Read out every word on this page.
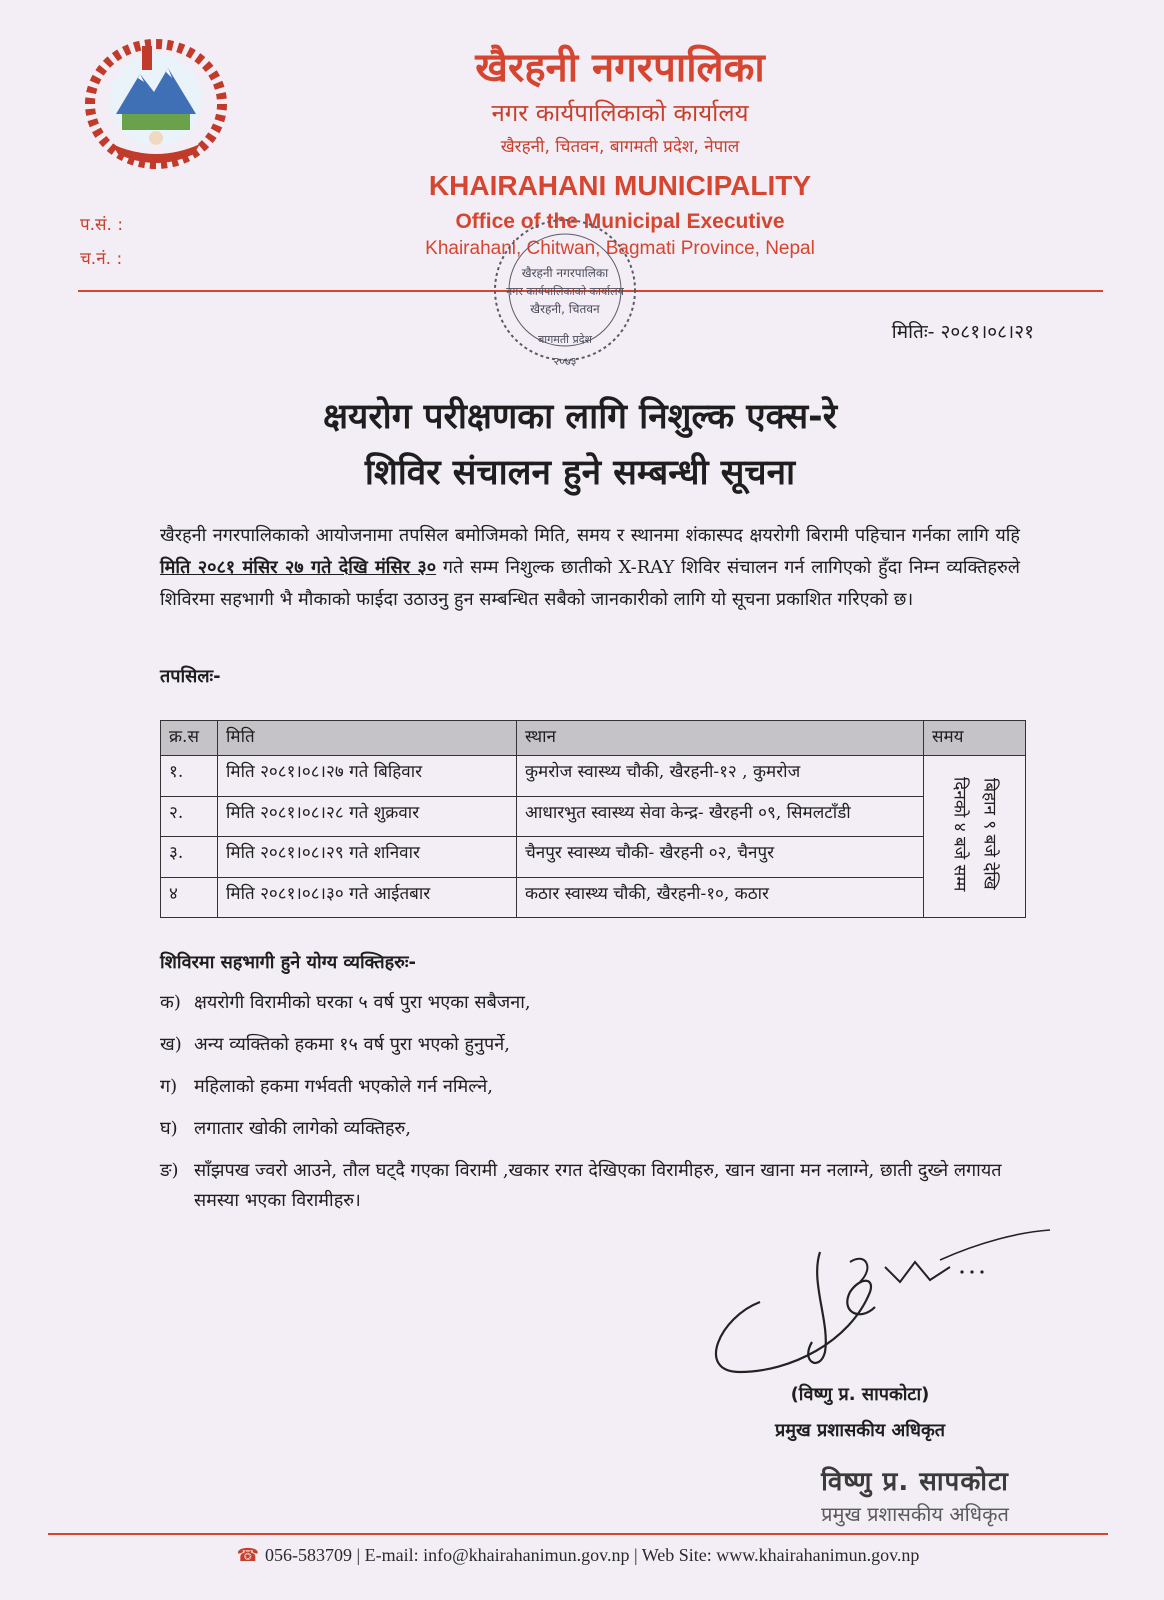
खैरहनी नगरपालिका
नगर कार्यपालिकाको कार्यालय
खैरहनी, चितवन, बागमती प्रदेश, नेपाल
KHAIRAHANI MUNICIPALITY
Office of the Municipal Executive
Khairahani, Chitwan, Bagmati Province, Nepal
प.सं. :
च.नं. :
खैरहनी नगरपालिका
नगर कार्यपालिकाको कार्यालय
खैरहनी, चितवन
बागमती प्रदेश
२०७३
मितिः- २०८१।०८।२१
क्षयरोग परीक्षणका लागि निशुल्क एक्स-रे
शिविर संचालन हुने सम्बन्धी सूचना
खैरहनी नगरपालिकाको आयोजनामा तपसिल बमोजिमको मिति, समय र स्थानमा शंकास्पद क्षयरोगी बिरामी पहिचान गर्नका लागि यहि मिति २०८१ मंसिर २७ गते देखि मंसिर ३० गते सम्म निशुल्क छातीको X-RAY शिविर संचालन गर्न लागिएको हुँदा निम्न व्यक्तिहरुले शिविरमा सहभागी भै मौकाको फाईदा उठाउनु हुन सम्बन्धित सबैको जानकारीको लागि यो सूचना प्रकाशित गरिएको छ।
तपसिलः-
क्र.स	मिति	स्थान	समय
१.	मिति २०८१।०८।२७ गते बिहिवार	कुमरोज स्वास्थ्य चौकी, खैरहनी-१२ , कुमरोज	बिहान ९ बजे देखि दिनको ४ बजे सम्म
२.	मिति २०८१।०८।२८ गते शुक्रवार	आधारभुत स्वास्थ्य सेवा केन्द्र- खैरहनी ०९, सिमलटाँडी	
३.	मिति २०८१।०८।२९ गते शनिवार	चैनपुर स्वास्थ्य चौकी- खैरहनी ०२, चैनपुर	
४	मिति २०८१।०८।३० गते आईतबार	कठार स्वास्थ्य चौकी, खैरहनी-१०, कठार	
शिविरमा सहभागी हुने योग्य व्यक्तिहरुः-
क) क्षयरोगी विरामीको घरका ५ वर्ष पुरा भएका सबैजना,
ख) अन्य व्यक्तिको हकमा १५ वर्ष पुरा भएको हुनुपर्ने,
ग) महिलाको हकमा गर्भवती भएकोले गर्न नमिल्ने,
घ) लगातार खोकी लागेको व्यक्तिहरु,
ङ) साँझपख ज्वरो आउने, तौल घट्दै गएका विरामी ,खकार रगत देखिएका विरामीहरु, खान खाना मन नलाग्ने, छाती दुख्ने लगायत समस्या भएका विरामीहरु।
(विष्णु प्र. सापकोटा)
प्रमुख प्रशासकीय अधिकृत
विष्णु प्र. सापकोटा
प्रमुख प्रशासकीय अधिकृत
☎ 056-583709 | E-mail: info@khairahanimun.gov.np | Web Site: www.khairahanimun.gov.np
